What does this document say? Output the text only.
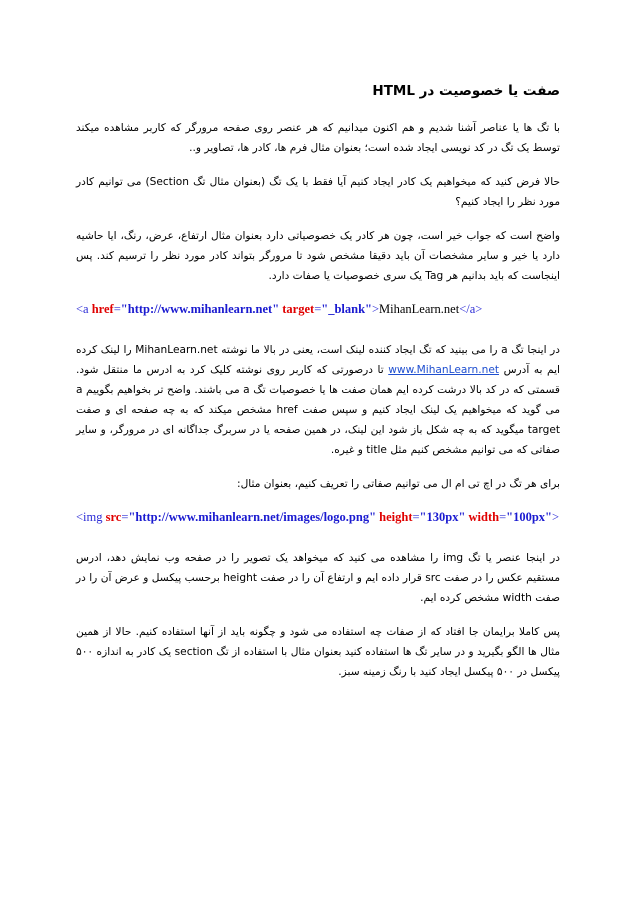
صفت یا خصوصیت در HTML

با تگ ها یا عناصر آشنا شدیم و هم اکنون میدانیم که هر عنصر روی صفحه مرورگر که کاربر مشاهده میکند توسط یک تگ در کد نویسی ایجاد شده است؛ بعنوان مثال فرم ها، کادر ها، تصاویر و..

حالا فرض کنید که میخواهیم یک کادر ایجاد کنیم آیا فقط با یک تگ (بعنوان مثال تگ Section) می توانیم کادر مورد نظر را ایجاد کنیم؟

واضح است که جواب خیر است، چون هر کادر یک خصوصیاتی دارد بعنوان مثال ارتفاع، عرض، رنگ، ایا حاشیه دارد یا خیر و سایر مشخصات آن باید دقیقا مشخص شود تا مرورگر بتواند کادر مورد نظر را ترسیم کند. پس اینجاست که باید بدانیم هر Tag یک سری خصوصیات یا صفات دارد.

<a href="http://www.mihanlearn.net" target="_blank">MihanLearn.net</a>

در اینجا تگ a را می بینید که تگ ایجاد کننده لینک است، یعنی در بالا ما نوشته MihanLearn.net را لینک کرده ایم به آدرس www.MihanLearn.net تا درصورتی که کاربر روی نوشته کلیک کرد به ادرس ما منتقل شود. قسمتی که در کد بالا درشت کرده ایم همان صفت ها یا خصوصیات تگ a می باشند. واضح تر بخواهیم بگوییم a می گوید که میخواهیم یک لینک ایجاد کنیم و سپس صفت href مشخص میکند که به چه صفحه ای و صفت target میگوید که به چه شکل باز شود این لینک، در همین صفحه یا در سربرگ جداگانه ای در مرورگر، و سایر صفاتی که می توانیم مشخص کنیم مثل title و غیره.

برای هر تگ در اچ تی ام ال می توانیم صفاتی را تعریف کنیم، بعنوان مثال:

<img src="http://www.mihanlearn.net/images/logo.png" height="130px" width="100px">

در اینجا عنصر یا تگ img را مشاهده می کنید که میخواهد یک تصویر را در صفحه وب نمایش دهد، ادرس مستقیم عکس را در صفت src قرار داده ایم و ارتفاع آن را در صفت height برحسب پیکسل و عرض آن را در صفت width مشخص کرده ایم.

پس کاملا برایمان جا افتاد که از صفات چه استفاده می شود و چگونه باید از آنها استفاده کنیم. حالا از همین مثال ها الگو بگیرید و در سایر تگ ها استفاده کنید بعنوان مثال با استفاده از تگ section یک کادر به اندازه ۵۰۰ پیکسل در ۵۰۰ پیکسل ایجاد کنید با رنگ زمینه سبز.
